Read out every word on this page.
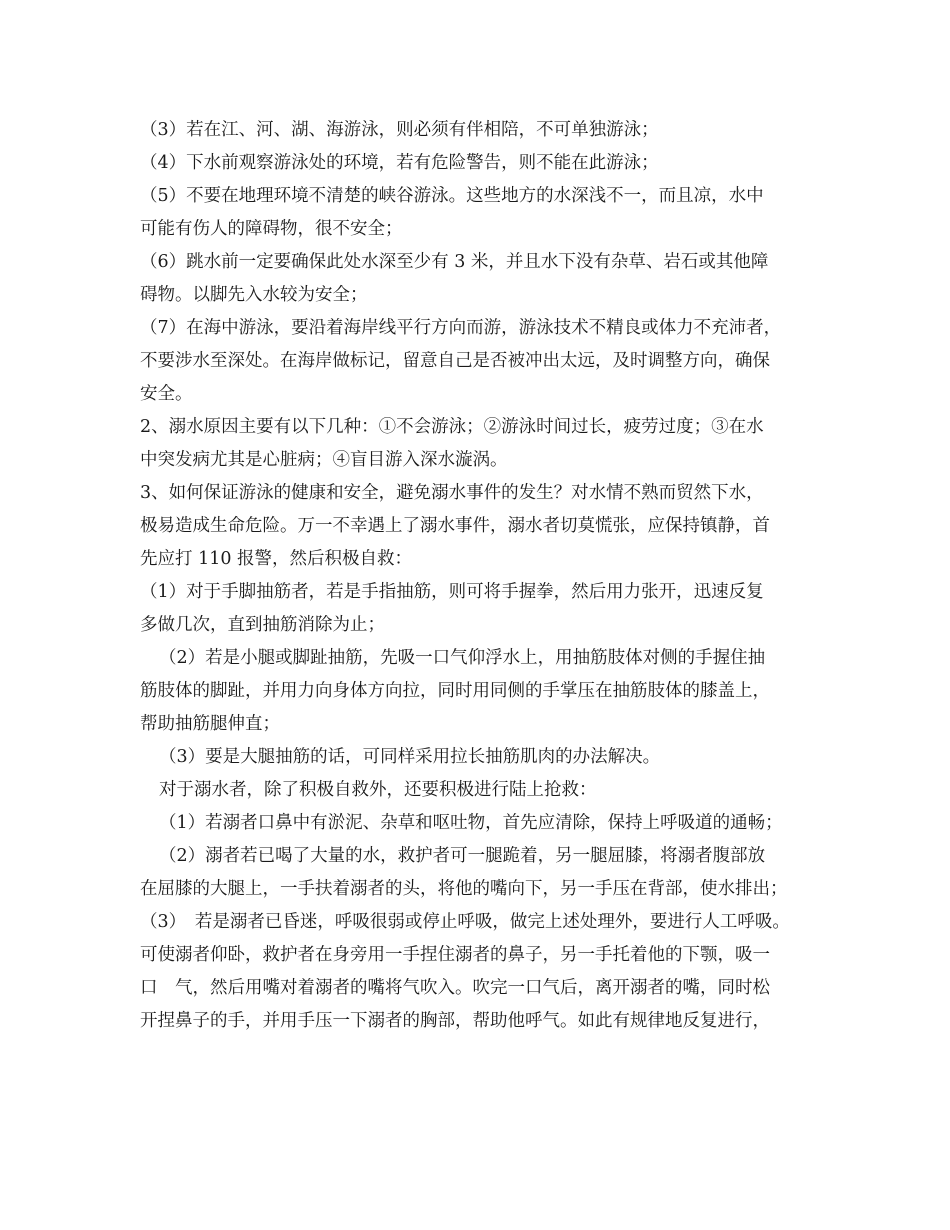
（3）若在江、河、湖、海游泳，则必须有伴相陪，不可单独游泳；

（4）下水前观察游泳处的环境，若有危险警告，则不能在此游泳；

（5）不要在地理环境不清楚的峡谷游泳。这些地方的水深浅不一，而且凉，水中

可能有伤人的障碍物，很不安全；

（6）跳水前一定要确保此处水深至少有 3 米，并且水下没有杂草、岩石或其他障

碍物。以脚先入水较为安全；

（7）在海中游泳，要沿着海岸线平行方向而游，游泳技术不精良或体力不充沛者，

不要涉水至深处。在海岸做标记，留意自己是否被冲出太远，及时调整方向，确保

安全。

2、溺水原因主要有以下几种：①不会游泳；②游泳时间过长，疲劳过度；③在水

中突发病尤其是心脏病；④盲目游入深水漩涡。

3、如何保证游泳的健康和安全，避免溺水事件的发生？对水情不熟而贸然下水，

极易造成生命危险。万一不幸遇上了溺水事件，溺水者切莫慌张，应保持镇静，首

先应打 110 报警，然后积极自救：

（1）对于手脚抽筋者，若是手指抽筋，则可将手握拳，然后用力张开，迅速反复

多做几次，直到抽筋消除为止；

（2）若是小腿或脚趾抽筋，先吸一口气仰浮水上，用抽筋肢体对侧的手握住抽

筋肢体的脚趾，并用力向身体方向拉，同时用同侧的手掌压在抽筋肢体的膝盖上，

帮助抽筋腿伸直；

（3）要是大腿抽筋的话，可同样采用拉长抽筋肌肉的办法解决。

对于溺水者，除了积极自救外，还要积极进行陆上抢救：

（1）若溺者口鼻中有淤泥、杂草和呕吐物，首先应清除，保持上呼吸道的通畅；

（2）溺者若已喝了大量的水，救护者可一腿跪着，另一腿屈膝，将溺者腹部放

在屈膝的大腿上，一手扶着溺者的头，将他的嘴向下，另一手压在背部，使水排出；

（3）　若是溺者已昏迷，呼吸很弱或停止呼吸，做完上述处理外，要进行人工呼吸。

可使溺者仰卧，救护者在身旁用一手捏住溺者的鼻子，另一手托着他的下颚，吸一

口　气，然后用嘴对着溺者的嘴将气吹入。吹完一口气后，离开溺者的嘴，同时松

开捏鼻子的手，并用手压一下溺者的胸部，帮助他呼气。如此有规律地反复进行，
